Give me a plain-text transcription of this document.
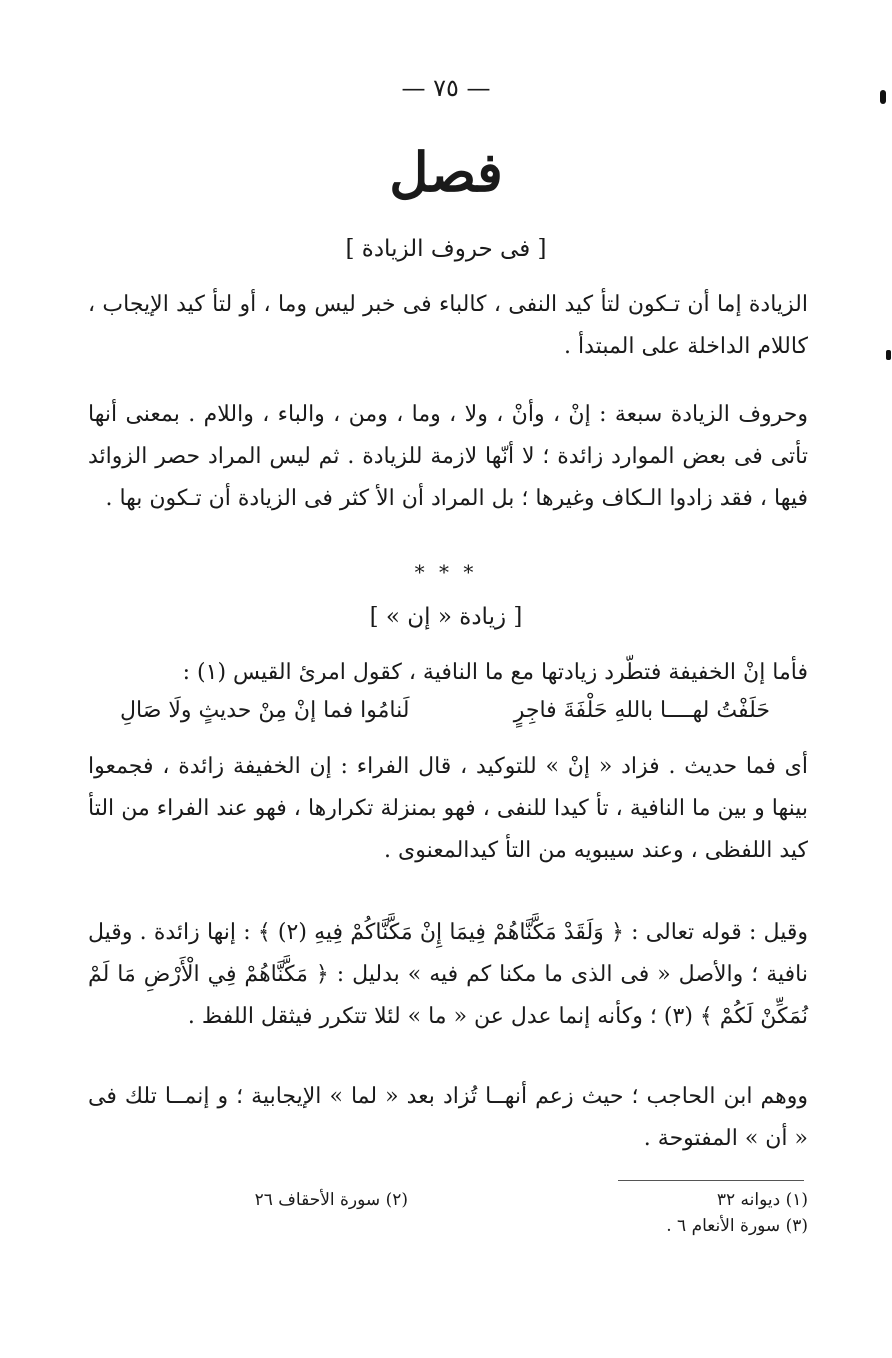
— ٧٥ —
فصل
[ فى حروف الزيادة ]

الزيادة إما أن تـكون لتأ كيد النفى ، كالباء فى خبر ليس وما ، أو لتأ كيد الإيجاب ، كاللام الداخلة على المبتدأ .

وحروف الزيادة سبعة : إنْ ، وأنْ ، ولا ، وما ، ومن ، والباء ، واللام . بمعنى أنها تأتى فى بعض الموارد زائدة ؛ لا أنّها لازمة للزيادة . ثم ليس المراد حصر الزوائد فيها ، فقد زادوا الـكاف وغيرها ؛ بل المراد أن الأ كثر فى الزيادة أن تـكون بها .

* * *
[ زيادة « إن » ]

فأما إنْ الخفيفة فتطّرد زيادتها مع ما النافية ، كقول امرئ القيس (١) :

حَلَفْتُ لهــــا باللهِ حَلْفَةَ فاجِرٍ
لَنامُوا فما إنْ مِنْ حديثٍ ولَا صَالِ

أى فما حديث . فزاد « إنْ » للتوكيد ، قال الفراء : إن الخفيفة زائدة ، فجمعوا بينها و بين ما النافية ، تأ كيدا للنفى ، فهو بمنزلة تكرارها ، فهو عند الفراء من التأ كيد اللفظى ، وعند سيبويه من التأ كيدالمعنوى .

وقيل : قوله تعالى : ﴿ وَلَقَدْ مَكَّنَّاهُمْ فِيمَا إِنْ مَكَّنَّاكُمْ فِيهِ (٢) ﴾ : إنها زائدة . وقيل نافية ؛ والأصل « فى الذى ما مكنا كم فيه » بدليل : ﴿ مَكَّنَّاهُمْ فِي الْأَرْضِ مَا لَمْ نُمَكِّنْ لَكُمْ ﴾ (٣) ؛ وكأنه إنما عدل عن « ما » لئلا تتكرر فيثقل اللفظ .

ووهم ابن الحاجب ؛ حيث زعم أنهــا تُزاد بعد « لما » الإيجابية ؛ و إنمــا تلك فى « أن » المفتوحة .

(١) ديوانه ٣٢
(٢) سورة الأحقاف ٢٦
(٣) سورة الأنعام ٦ .
